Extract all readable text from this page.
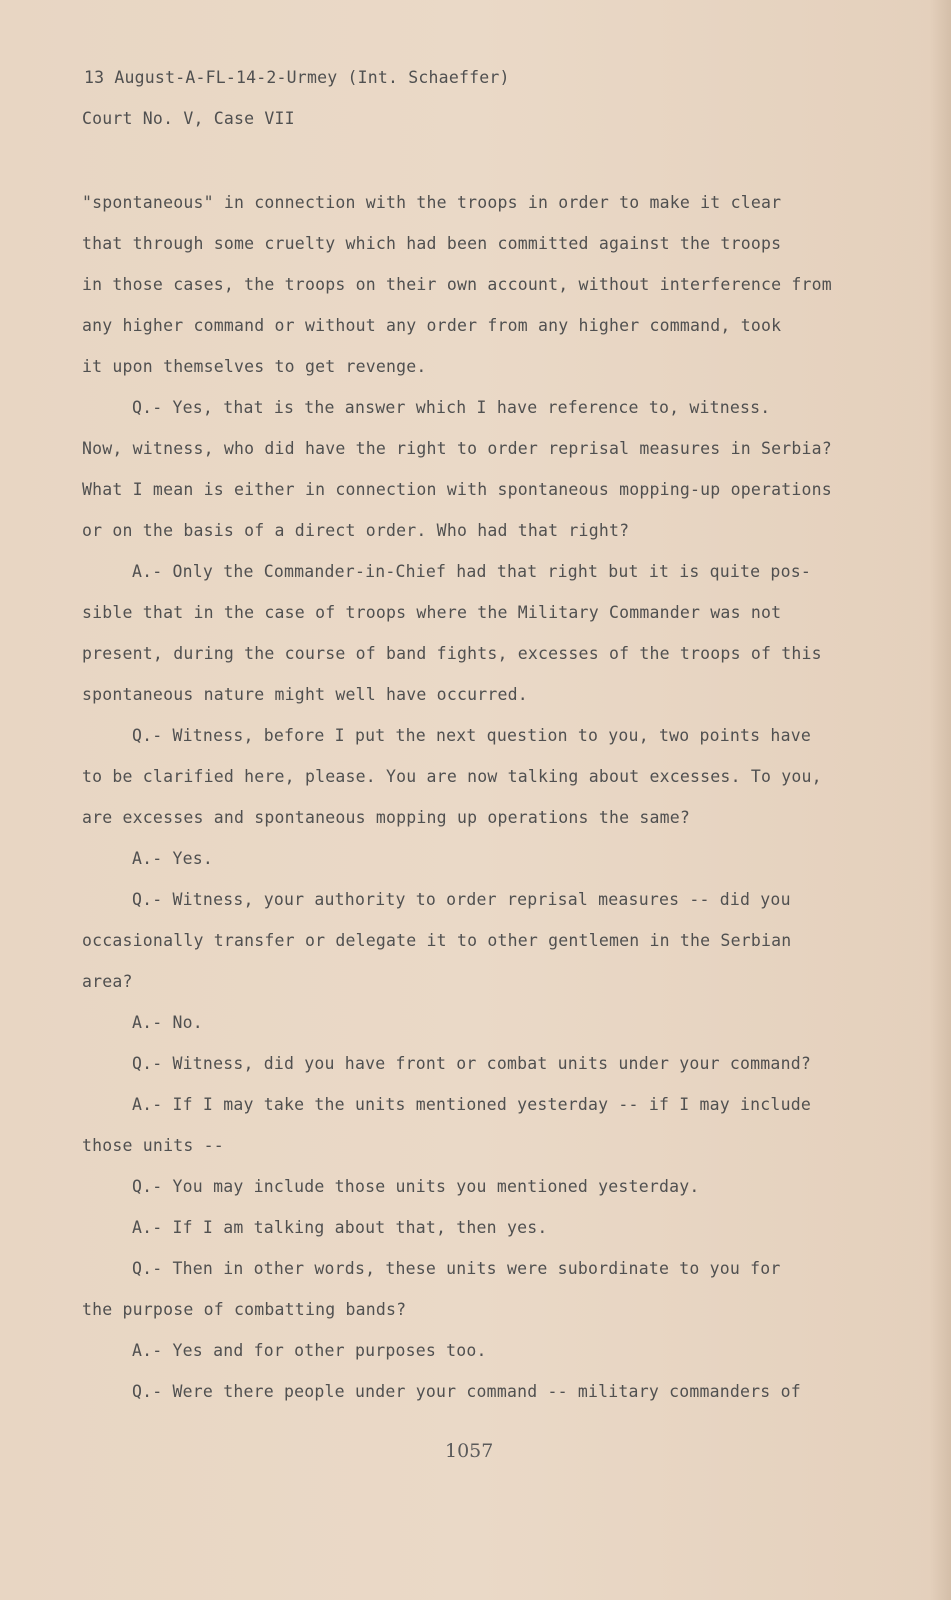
13 August-A-FL-14-2-Urmey (Int. Schaeffer)
Court No. V, Case VII
"spontaneous" in connection with the troops in order to make it clear
that through some cruelty which had been committed against the troops
in those cases, the troops on their own account, without interference from
any higher command or without any order from any higher command, took
it upon themselves to get revenge.
Q.- Yes, that is the answer which I have reference to, witness.
Now, witness, who did have the right to order reprisal measures in Serbia?
What I mean is either in connection with spontaneous mopping-up operations
or on the basis of a direct order. Who had that right?
A.- Only the Commander-in-Chief had that right but it is quite pos-
sible that in the case of troops where the Military Commander was not
present, during the course of band fights, excesses of the troops of this
spontaneous nature might well have occurred.
Q.- Witness, before I put the next question to you, two points have
to be clarified here, please. You are now talking about excesses. To you,
are excesses and spontaneous mopping up operations the same?
A.- Yes.
Q.- Witness, your authority to order reprisal measures -- did you
occasionally transfer or delegate it to other gentlemen in the Serbian
area?
A.- No.
Q.- Witness, did you have front or combat units under your command?
A.- If I may take the units mentioned yesterday -- if I may include
those units --
Q.- You may include those units you mentioned yesterday.
A.- If I am talking about that, then yes.
Q.- Then in other words, these units were subordinate to you for
the purpose of combatting bands?
A.- Yes and for other purposes too.
Q.- Were there people under your command -- military commanders of
1057
